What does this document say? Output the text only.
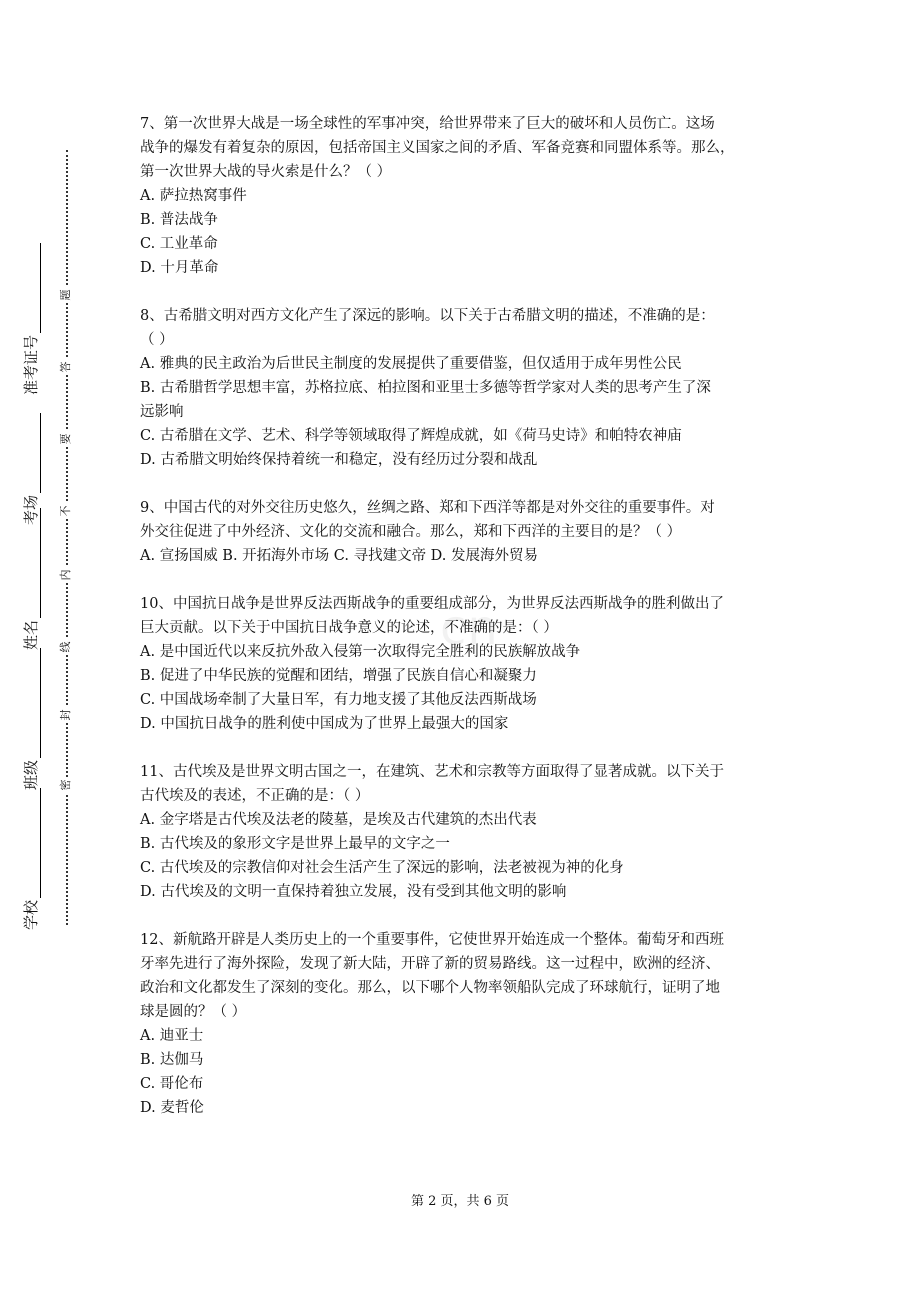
学校
班级
姓名
考场
准考证号
题
答
要
不
内
线
封
密
cn

7、第一次世界大战是一场全球性的军事冲突，给世界带来了巨大的破坏和人员伤亡。这场

战争的爆发有着复杂的原因，包括帝国主义国家之间的矛盾、军备竞赛和同盟体系等。那么，

第一次世界大战的导火索是什么？（ ）

A. 萨拉热窝事件
B. 普法战争
C. 工业革命
D. 十月革命

8、古希腊文明对西方文化产生了深远的影响。以下关于古希腊文明的描述，不准确的是：

（ ）

A. 雅典的民主政治为后世民主制度的发展提供了重要借鉴，但仅适用于成年男性公民
B. 古希腊哲学思想丰富，苏格拉底、柏拉图和亚里士多德等哲学家对人类的思考产生了深
远影响
C. 古希腊在文学、艺术、科学等领域取得了辉煌成就，如《荷马史诗》和帕特农神庙
D. 古希腊文明始终保持着统一和稳定，没有经历过分裂和战乱

9、中国古代的对外交往历史悠久，丝绸之路、郑和下西洋等都是对外交往的重要事件。对

外交往促进了中外经济、文化的交流和融合。那么，郑和下西洋的主要目的是？（ ）

A. 宣扬国威 B. 开拓海外市场 C. 寻找建文帝 D. 发展海外贸易

10、中国抗日战争是世界反法西斯战争的重要组成部分，为世界反法西斯战争的胜利做出了

巨大贡献。以下关于中国抗日战争意义的论述，不准确的是：（ ）

A. 是中国近代以来反抗外敌入侵第一次取得完全胜利的民族解放战争
B. 促进了中华民族的觉醒和团结，增强了民族自信心和凝聚力
C. 中国战场牵制了大量日军，有力地支援了其他反法西斯战场
D. 中国抗日战争的胜利使中国成为了世界上最强大的国家

11、古代埃及是世界文明古国之一，在建筑、艺术和宗教等方面取得了显著成就。以下关于

古代埃及的表述，不正确的是：（ ）

A. 金字塔是古代埃及法老的陵墓，是埃及古代建筑的杰出代表
B. 古代埃及的象形文字是世界上最早的文字之一
C. 古代埃及的宗教信仰对社会生活产生了深远的影响，法老被视为神的化身
D. 古代埃及的文明一直保持着独立发展，没有受到其他文明的影响

12、新航路开辟是人类历史上的一个重要事件，它使世界开始连成一个整体。葡萄牙和西班

牙率先进行了海外探险，发现了新大陆，开辟了新的贸易路线。这一过程中，欧洲的经济、

政治和文化都发生了深刻的变化。那么，以下哪个人物率领船队完成了环球航行，证明了地

球是圆的？（ ）

A. 迪亚士
B. 达伽马
C. 哥伦布
D. 麦哲伦
第 2 页，共 6 页
